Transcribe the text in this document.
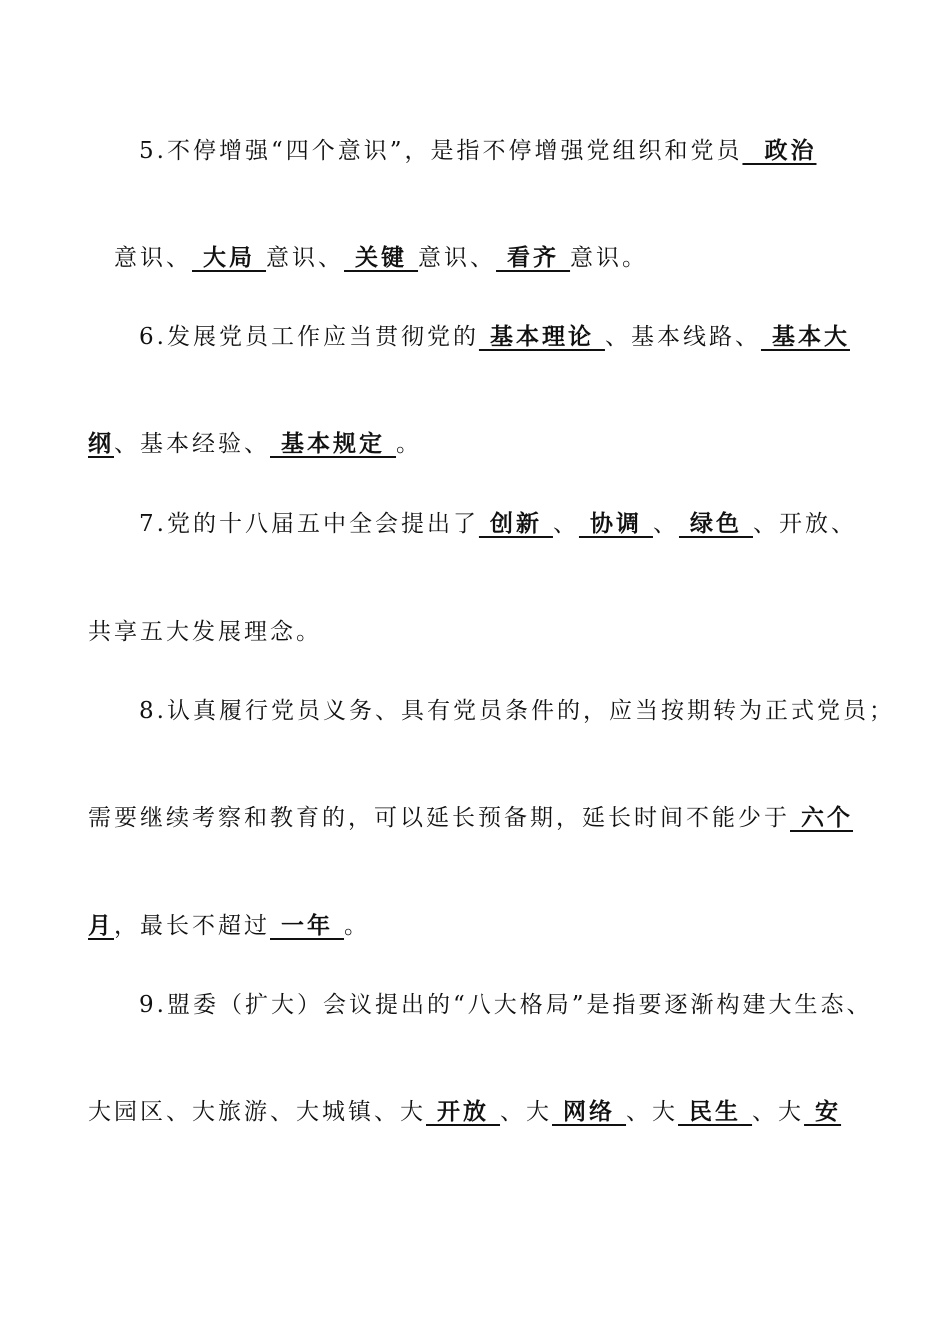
5.不停增强“四个意识”，是指不停增强党组织和党员  政治
意识、 大局 意识、 关键 意识、 看齐 意识。
6.发展党员工作应当贯彻党的 基本理论 、基本线路、 基本大
纲、基本经验、 基本规定 。
7.党的十八届五中全会提出了 创新 、 协调 、 绿色 、开放、
共享五大发展理念。
8.认真履行党员义务、具有党员条件的，应当按期转为正式党员；
需要继续考察和教育的，可以延长预备期，延长时间不能少于 六个
月，最长不超过 一年 。
9.盟委（扩大）会议提出的“八大格局”是指要逐渐构建大生态、
大园区、大旅游、大城镇、大 开放 、大 网络 、大 民生 、大 安
